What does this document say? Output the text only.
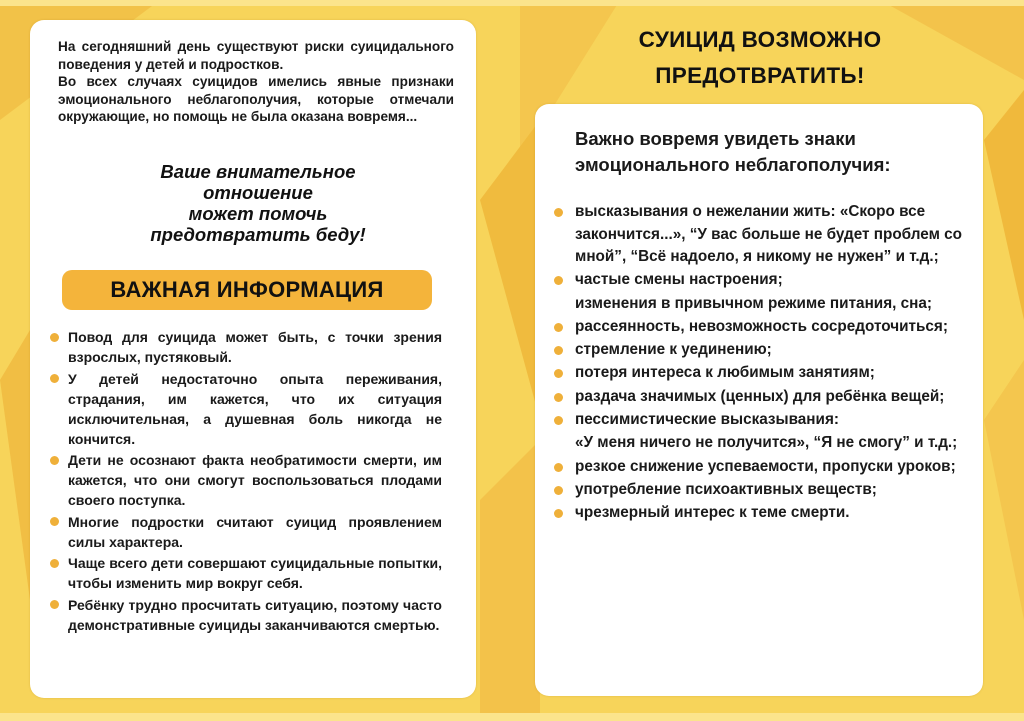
На сегодняшний день существуют риски суицидального поведения у детей и подростков.

Во всех случаях суицидов имелись явные признаки эмоционального неблагополучия, которые отмечали окружающие, но помощь не была оказана вовремя...

Ваше внимательное
отношение
может помочь
предотвратить беду!
ВАЖНАЯ ИНФОРМАЦИЯ
Повод для суицида может быть, с точки зрения взрослых, пустяковый.
У детей недостаточно опыта переживания, страдания, им кажется, что их ситуация исключительная, а душевная боль никогда не кончится.
Дети не осознают факта необратимости смерти, им кажется, что они смогут воспользоваться плодами своего поступка.
Многие подростки считают суицид проявлением силы характера.
Чаще всего дети совершают суицидальные попытки, чтобы изменить мир вокруг себя.
Ребёнку трудно просчитать ситуацию, поэтому часто демонстративные суициды заканчиваются смертью.
СУИЦИД ВОЗМОЖНО
ПРЕДОТВРАТИТЬ!
Важно вовремя увидеть знаки эмоционального неблагополучия:
высказывания о нежелании жить: «Скоро все закончится...», “У вас больше не будет проблем со мной”, “Всё надоело, я никому не нужен” и т.д.;
частые смены настроения;
изменения в привычном режиме питания, сна;
рассеянность, невозможность сосредоточиться;
стремление к уединению;
потеря интереса к любимым занятиям;
раздача значимых (ценных) для ребёнка вещей;
пессимистические высказывания:
«У меня ничего не получится», “Я не смогу” и т.д.;
резкое снижение успеваемости, пропуски уроков;
употребление психоактивных веществ;
чрезмерный интерес к теме смерти.
